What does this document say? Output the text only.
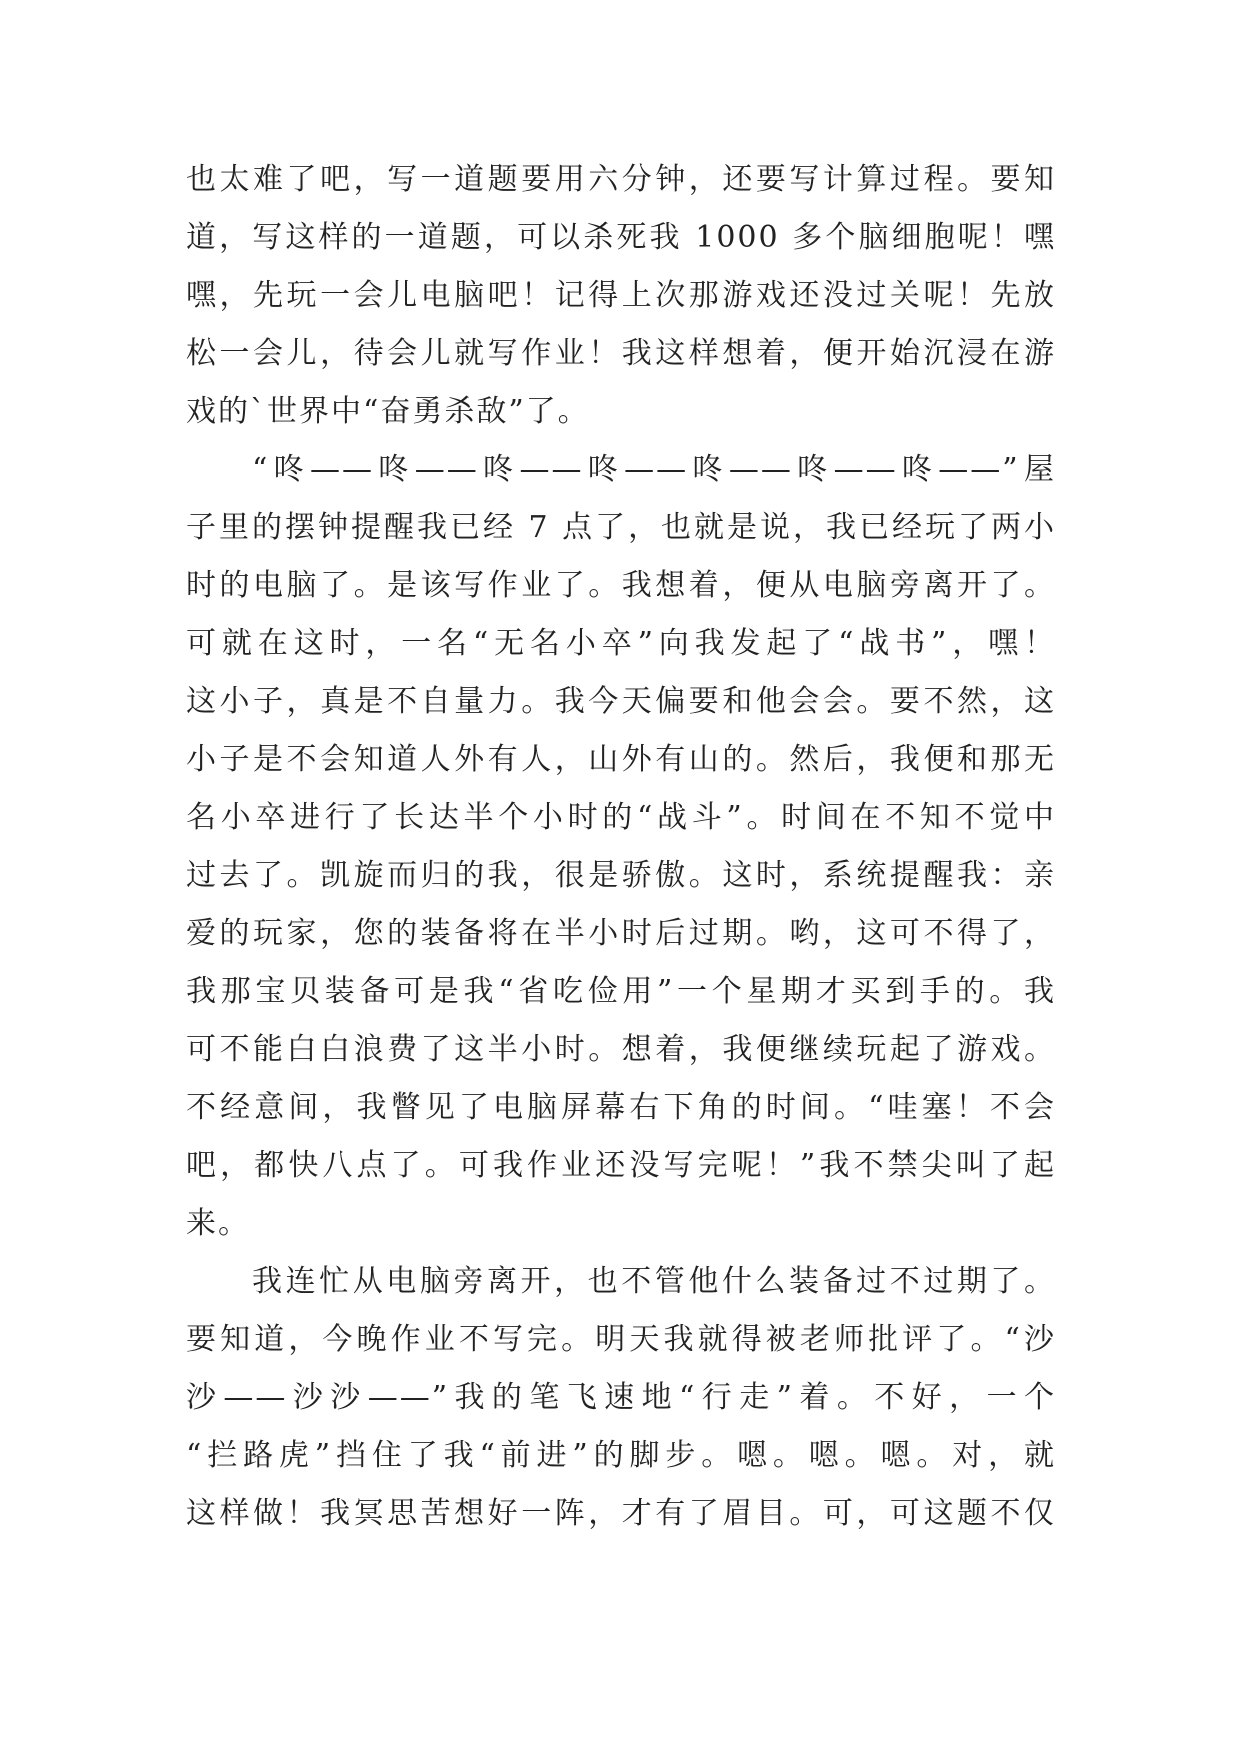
也太难了吧，写一道题要用六分钟，还要写计算过程。要知
道，写这样的一道题，可以杀死我 1000 多个脑细胞呢！嘿
嘿，先玩一会儿电脑吧！记得上次那游戏还没过关呢！先放
松一会儿，待会儿就写作业！我这样想着，便开始沉浸在游
戏的`世界中“奋勇杀敌”了。
“咚——咚——咚——咚——咚——咚——咚——”屋
子里的摆钟提醒我已经 7 点了，也就是说，我已经玩了两小
时的电脑了。是该写作业了。我想着，便从电脑旁离开了。
可就在这时，一名“无名小卒”向我发起了“战书”，嘿！
这小子，真是不自量力。我今天偏要和他会会。要不然，这
小子是不会知道人外有人，山外有山的。然后，我便和那无
名小卒进行了长达半个小时的“战斗”。时间在不知不觉中
过去了。凯旋而归的我，很是骄傲。这时，系统提醒我：亲
爱的玩家，您的装备将在半小时后过期。哟，这可不得了，
我那宝贝装备可是我“省吃俭用”一个星期才买到手的。我
可不能白白浪费了这半小时。想着，我便继续玩起了游戏。
不经意间，我瞥见了电脑屏幕右下角的时间。“哇塞！不会
吧，都快八点了。可我作业还没写完呢！”我不禁尖叫了起
来。
我连忙从电脑旁离开，也不管他什么装备过不过期了。
要知道，今晚作业不写完。明天我就得被老师批评了。“沙
沙——沙沙——”我的笔飞速地“行走”着。不好，一个
“拦路虎”挡住了我“前进”的脚步。嗯。嗯。嗯。对，就
这样做！我冥思苦想好一阵，才有了眉目。可，可这题不仅
